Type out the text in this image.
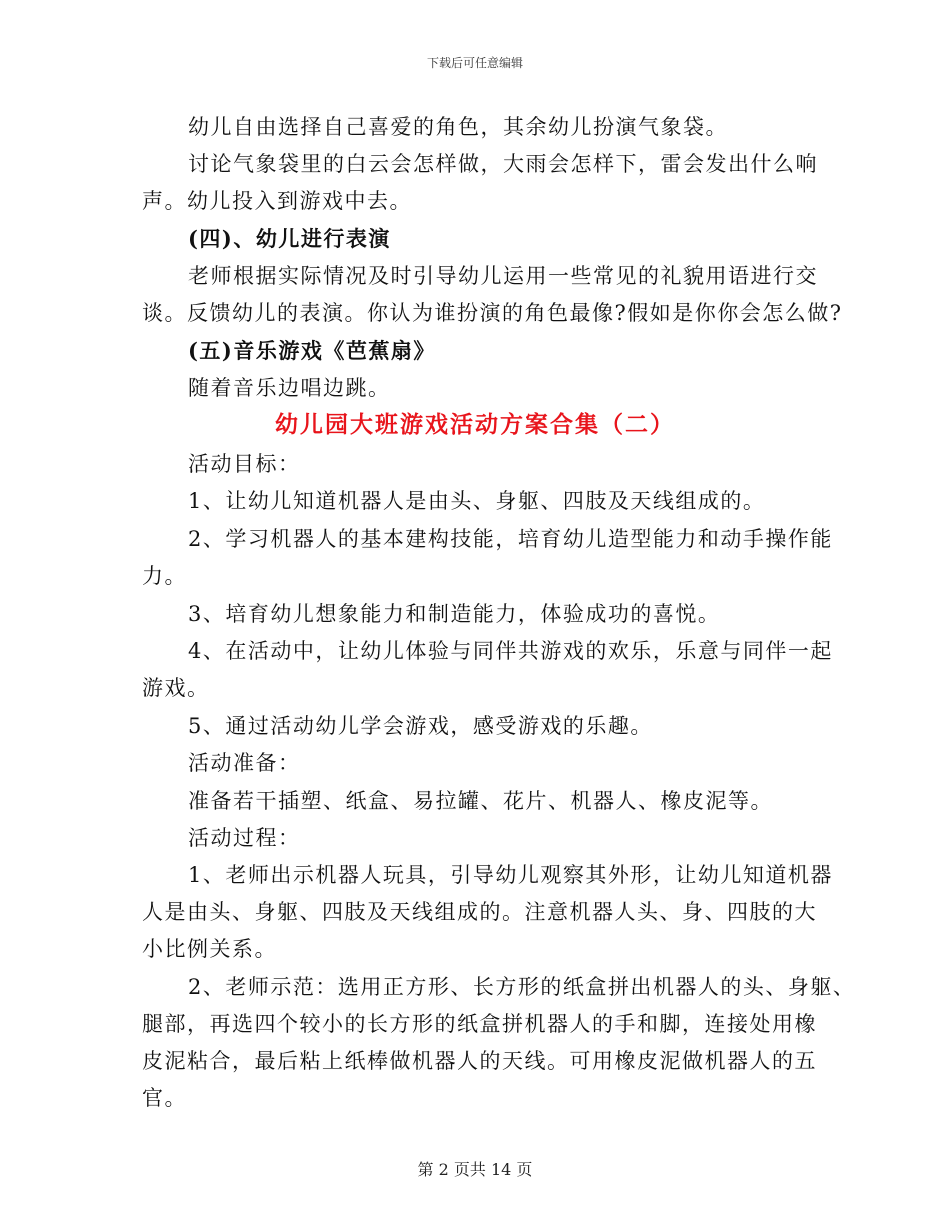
下载后可任意编辑
幼儿自由选择自己喜爱的角色，其余幼儿扮演气象袋。
讨论气象袋里的白云会怎样做，大雨会怎样下，雷会发出什么响
声。幼儿投入到游戏中去。
(四)、幼儿进行表演
老师根据实际情况及时引导幼儿运用一些常见的礼貌用语进行交
谈。反馈幼儿的表演。你认为谁扮演的角色最像?假如是你你会怎么做?
(五)音乐游戏《芭蕉扇》
随着音乐边唱边跳。
幼儿园大班游戏活动方案合集（二）
活动目标：
1、让幼儿知道机器人是由头、身躯、四肢及天线组成的。
2、学习机器人的基本建构技能，培育幼儿造型能力和动手操作能
力。
3、培育幼儿想象能力和制造能力，体验成功的喜悦。
4、在活动中，让幼儿体验与同伴共游戏的欢乐，乐意与同伴一起
游戏。
5、通过活动幼儿学会游戏，感受游戏的乐趣。
活动准备：
准备若干插塑、纸盒、易拉罐、花片、机器人、橡皮泥等。
活动过程：
1、老师出示机器人玩具，引导幼儿观察其外形，让幼儿知道机器
人是由头、身躯、四肢及天线组成的。注意机器人头、身、四肢的大
小比例关系。
2、老师示范：选用正方形、长方形的纸盒拼出机器人的头、身躯、
腿部，再选四个较小的长方形的纸盒拼机器人的手和脚，连接处用橡
皮泥粘合，最后粘上纸棒做机器人的天线。可用橡皮泥做机器人的五
官。
第 2 页共 14 页
